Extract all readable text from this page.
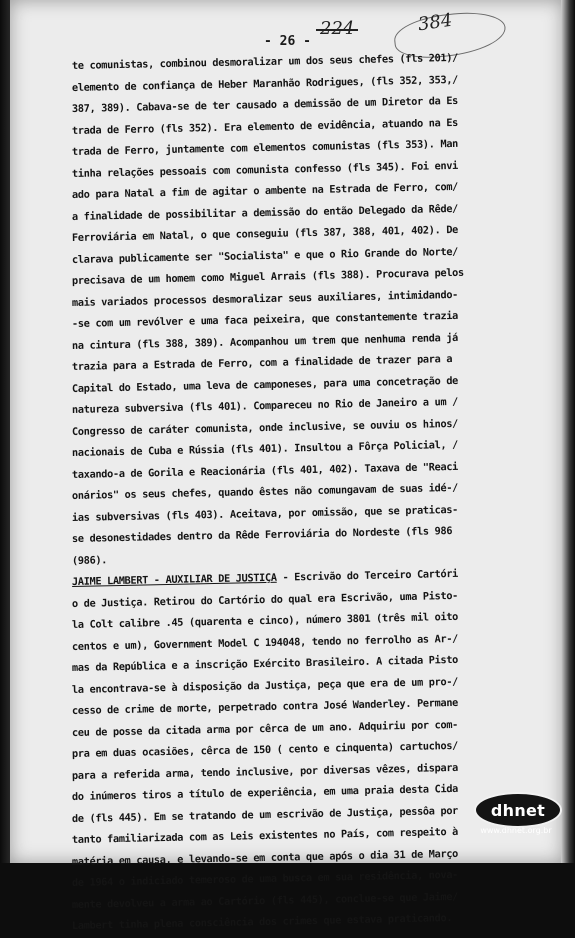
224	384
- 26 -
te comunistas, combinou desmoralizar um dos seus chefes (fls 201)/
elemento de confiança de Heber Maranhão Rodrigues, (fls 352, 353,/
387, 389). Cabava-se de ter causado a demissão de um Diretor da Es
trada de Ferro (fls 352). Era elemento de evidência, atuando na Es
trada de Ferro, juntamente com elementos comunistas (fls 353). Man
tinha relações pessoais com comunista confesso (fls 345). Foi envi
ado para Natal a fim de agitar o ambente na Estrada de Ferro, com/
a finalidade de possibilitar a demissão do então Delegado da Rêde/
Ferroviária em Natal, o que conseguiu (fls 387, 388, 401, 402). De
clarava publicamente ser "Socialista" e que o Rio Grande do Norte/
precisava de um homem como Miguel Arrais (fls 388). Procurava pelos
mais variados processos desmoralizar seus auxiliares, intimidando-
-se com um revólver e uma faca peixeira, que constantemente trazia
na cintura (fls 388, 389). Acompanhou um trem que nenhuma renda já
trazia para a Estrada de Ferro, com a finalidade de trazer para a
Capital do Estado, uma leva de camponeses, para uma concetração de
natureza subversiva (fls 401). Compareceu no Rio de Janeiro a um /
Congresso de caráter comunista, onde inclusive, se ouviu os hinos/
nacionais de Cuba e Rússia (fls 401). Insultou a Fôrça Policial, /
taxando-a de Gorila e Reacionária (fls 401, 402). Taxava de "Reaci
onários" os seus chefes, quando êstes não comungavam de suas idé-/
ias subversivas (fls 403). Aceitava, por omissão, que se praticas-
se desonestidades dentro da Rêde Ferroviária do Nordeste (fls 986
(986).
JAIME LAMBERT - AUXILIAR DE JUSTIÇA - Escrivão do Terceiro Cartóri
o de Justiça. Retirou do Cartório do qual era Escrivão, uma Pisto-
la Colt calibre .45 (quarenta e cinco), número 3801 (três mil oito
centos e um), Government Model C 194048, tendo no ferrolho as Ar-/
mas da República e a inscrição Exército Brasileiro. A citada Pisto
la encontrava-se à disposição da Justiça, peça que era de um pro-/
cesso de crime de morte, perpetrado contra José Wanderley. Permane
ceu de posse da citada arma por cêrca de um ano. Adquiriu por com-
pra em duas ocasiões, cêrca de 150 ( cento e cinquenta) cartuchos/
para a referida arma, tendo inclusive, por diversas vêzes, dispara
do inúmeros tiros a título de experiência, em uma praia desta Cida
de (fls 445). Em se tratando de um escrivão de Justiça, pessôa por
tanto familiarizada com as Leis existentes no País, com respeito à
matéria em causa, e levando-se em conta que após o dia 31 de Março
de 1964 o indiciado temeroso de uma busca em sua residência, nova-
mente devolveu a arma ao Cartório (fls 445), conclue-se que Jaime/
Lambert tinha plena consciência dos crimes que estava praticando.
dhnet
www.dhnet.org.br
